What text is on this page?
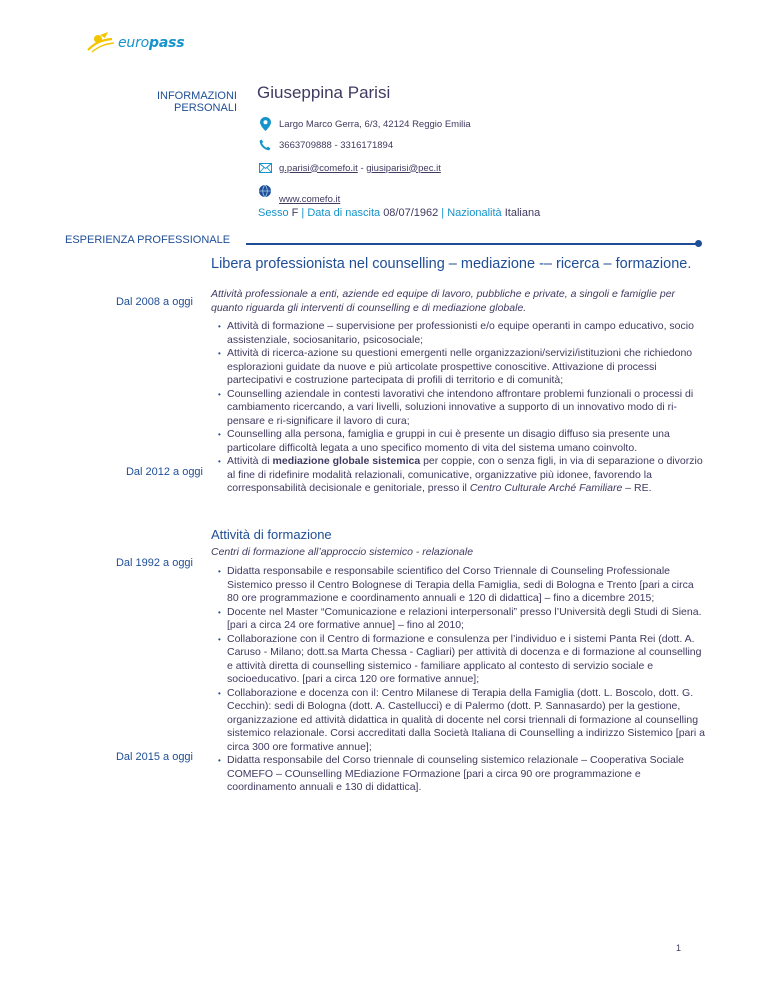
europass
INFORMAZIONI PERSONALI
Giuseppina Parisi
Largo Marco Gerra, 6/3, 42124 Reggio Emilia
3663709888 - 3316171894
g.parisi@comefo.it - giusiparisi@pec.it
www.comefo.it
Sesso F | Data di nascita 08/07/1962 | Nazionalità Italiana
ESPERIENZA PROFESSIONALE
Libera professionista nel counselling – mediazione -– ricerca – formazione.
Dal 2008 a oggi
Attività professionale a enti, aziende ed equipe di lavoro, pubbliche e private, a singoli e famiglie per quanto riguarda gli interventi di counselling e di mediazione globale.
• Attività di formazione – supervisione per professionisti e/o equipe operanti in campo educativo, socio assistenziale, sociosanitario, psicosociale;
• Attività di ricerca-azione su questioni emergenti nelle organizzazioni/servizi/istituzioni che richiedono esplorazioni guidate da nuove e più articolate prospettive conoscitive. Attivazione di processi partecipativi e costruzione partecipata di profili di territorio e di comunità;
• Counselling aziendale in contesti lavorativi che intendono affrontare problemi funzionali o processi di cambiamento ricercando, a vari livelli, soluzioni innovative a supporto di un innovativo modo di ri-pensare e ri-significare il lavoro di cura;
• Counselling alla persona, famiglia e gruppi in cui è presente un disagio diffuso sia presente una particolare difficoltà legata a uno specifico momento di vita del sistema umano coinvolto.
• Attività di mediazione globale sistemica per coppie, con o senza figli, in via di separazione o divorzio al fine di ridefinire modalità relazionali, comunicative, organizzative più idonee, favorendo la corresponsabilità decisionale e genitoriale, presso il Centro Culturale Arché Familiare – RE.
Dal 2012 a oggi
Attività di formazione
Centri di formazione all’approccio sistemico - relazionale
Dal 1992 a oggi
• Didatta responsabile e responsabile scientifico del Corso Triennale di Counseling Professionale Sistemico presso il Centro Bolognese di Terapia della Famiglia, sedi di Bologna e Trento [pari a circa 80 ore programmazione e coordinamento annuali e 120 di didattica] – fino a dicembre 2015;
• Docente nel Master “Comunicazione e relazioni interpersonali” presso l’Università degli Studi di Siena. [pari a circa 24 ore formative annue] – fino al 2010;
• Collaborazione con il Centro di formazione e consulenza per l’individuo e i sistemi Panta Rei (dott. A. Caruso - Milano; dott.sa Marta Chessa - Cagliari) per attività di docenza e di formazione al counselling e attività diretta di counselling sistemico - familiare applicato al contesto di servizio sociale e socioeducativo. [pari a circa 120 ore formative annue];
• Collaborazione e docenza con il: Centro Milanese di Terapia della Famiglia (dott. L. Boscolo, dott. G. Cecchin): sedi di Bologna (dott. A. Castellucci) e di Palermo (dott. P. Sannasardo) per la gestione, organizzazione ed attività didattica in qualità di docente nel corsi triennali di formazione al counselling sistemico relazionale. Corsi accreditati dalla Società Italiana di Counselling a indirizzo Sistemico [pari a circa 300 ore formative annue];
• Didatta responsabile del Corso triennale di counseling sistemico relazionale – Cooperativa Sociale COMEFO – COunselling MEdiazione FOrmazione [pari a circa 90 ore programmazione e coordinamento annuali e 130 di didattica].
Dal 2015 a oggi
1
